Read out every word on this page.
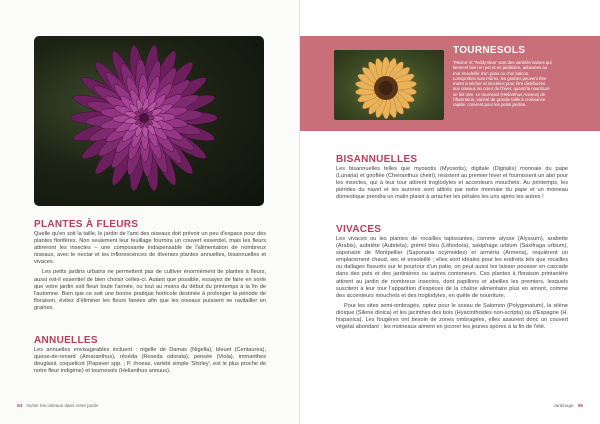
PLANTES À FLEURS

Quelle qu'en soit la taille, le jardin de l'ami des oiseaux doit prévoir un peu d'espace pour des plantes florifères. Non seulement leur feuillage fournira un couvert essentiel, mais les fleurs attireront les insectes – une composante indispensable de l'alimentation de nombreux oiseaux, avec le nectar et les inflorescences de diverses plantes annuelles, bisannuelles et vivaces.

Les petits jardins urbains ne permettent pas de cultiver énormément de plantes à fleurs, aussi est-il essentiel de bien choisir celles-ci. Autant que possible, essayez de faire en sorte que votre jardin soit fleuri toute l'année, ou tout au moins du début du printemps à la fin de l'automne. Bien que ce soit une bonne pratique horticole destinée à prolonger la période de floraison, évitez d'éliminer les fleurs fanées afin que les oiseaux puissent se ravitailler en graines.

ANNUELLES

Les annuelles envisageables incluent : nigelle de Damas (Nigella), bleuet (Centaurea), queue-de-renard (Amaranthus), réséda (Reseda odorata), pensée (Viola), immanthes douglasii, coquelicot (Papaver spp. ; P. rhoeas, variété simple 'Shirley', est le plus proche de notre fleur indigène) et tournesols (Helianthus annuus).

94 Inviter les oiseaux dans votre jardin
BISANNUELLES

Les bisannuelles telles que myosotis (Myosotis), digitale (Digitalis) monnaie du pape (Lunaria) et giroflée (Cheiranthus cheiri), résistent au premier hiver et fournissent un abri pour les insectes, qui à leur tour attirent troglodytes et accenteurs mouchets. Au printemps, les piérides du navet et les aurores sont attirés par notre monnaie du pape et un moineau domestique prendra un malin plaisir à arracher les pétales les uns après les autres !

VIVACES

Les vivaces ou les plantes de rocailles tapissantes, comme alysse (Alyssum), arabette (Arabis), aubriète (Aubrieta), grémil bleu (Lithodora), saxiphage urbium (Saxifraga urbium), saponaire de Montpellier (Saponaria ocymoides) et arméria (Armeria), requièrent un emplacement chaud, sec et ensoleillé ; elles sont idéales pour les endroits tels que rocailles ou dallages fissurés sur le pourtour d'un patio, on peut aussi les laisser pousser en cascade dans des pots et des jardinières ou autres conteneurs. Ces plantes à floraison printanière attirent au jardin de nombreux insectes, dont papillons et abeilles les premiers, lesquels suscitent à leur tour l'apparition d'espèces de la chaîne alimentaire plus en amont, comme des accenteurs mouchets et des troglodytes, en quête de nourriture.

Pour les sites semi-ombragés, optez pour le sceau de Salomon (Polygonatum), la silène dioïque (Silene dioica) et les jacinthes des bois (Hyacinthoides non-scripta) ou d'Espagne (H. hispanica). Les fougères ont besoin de zones ombragées, elles assurent donc un couvert végétal abondant ; les moineaux aiment en picorer les jeunes spores à la fin de l'été.

Jardinage 95
TOURNESOLS
'Pacino' et 'Teddy Bear' sont des variétés naines qui tiennent bien en pot et en jardinière, adossées au mur ensoleillé d'un patio ou d'un balcon. Lorsqu'elles sont mûres, les graines peuvent être mises à sécher et stockées pour être distribuées aux oiseaux au cœur de l'hiver, quand la nourriture se fait rare. Le tournesol (Helianthus Annuus) de l'illustration, variété de grande taille à croissance rapide, convient pour les petits jardins.
